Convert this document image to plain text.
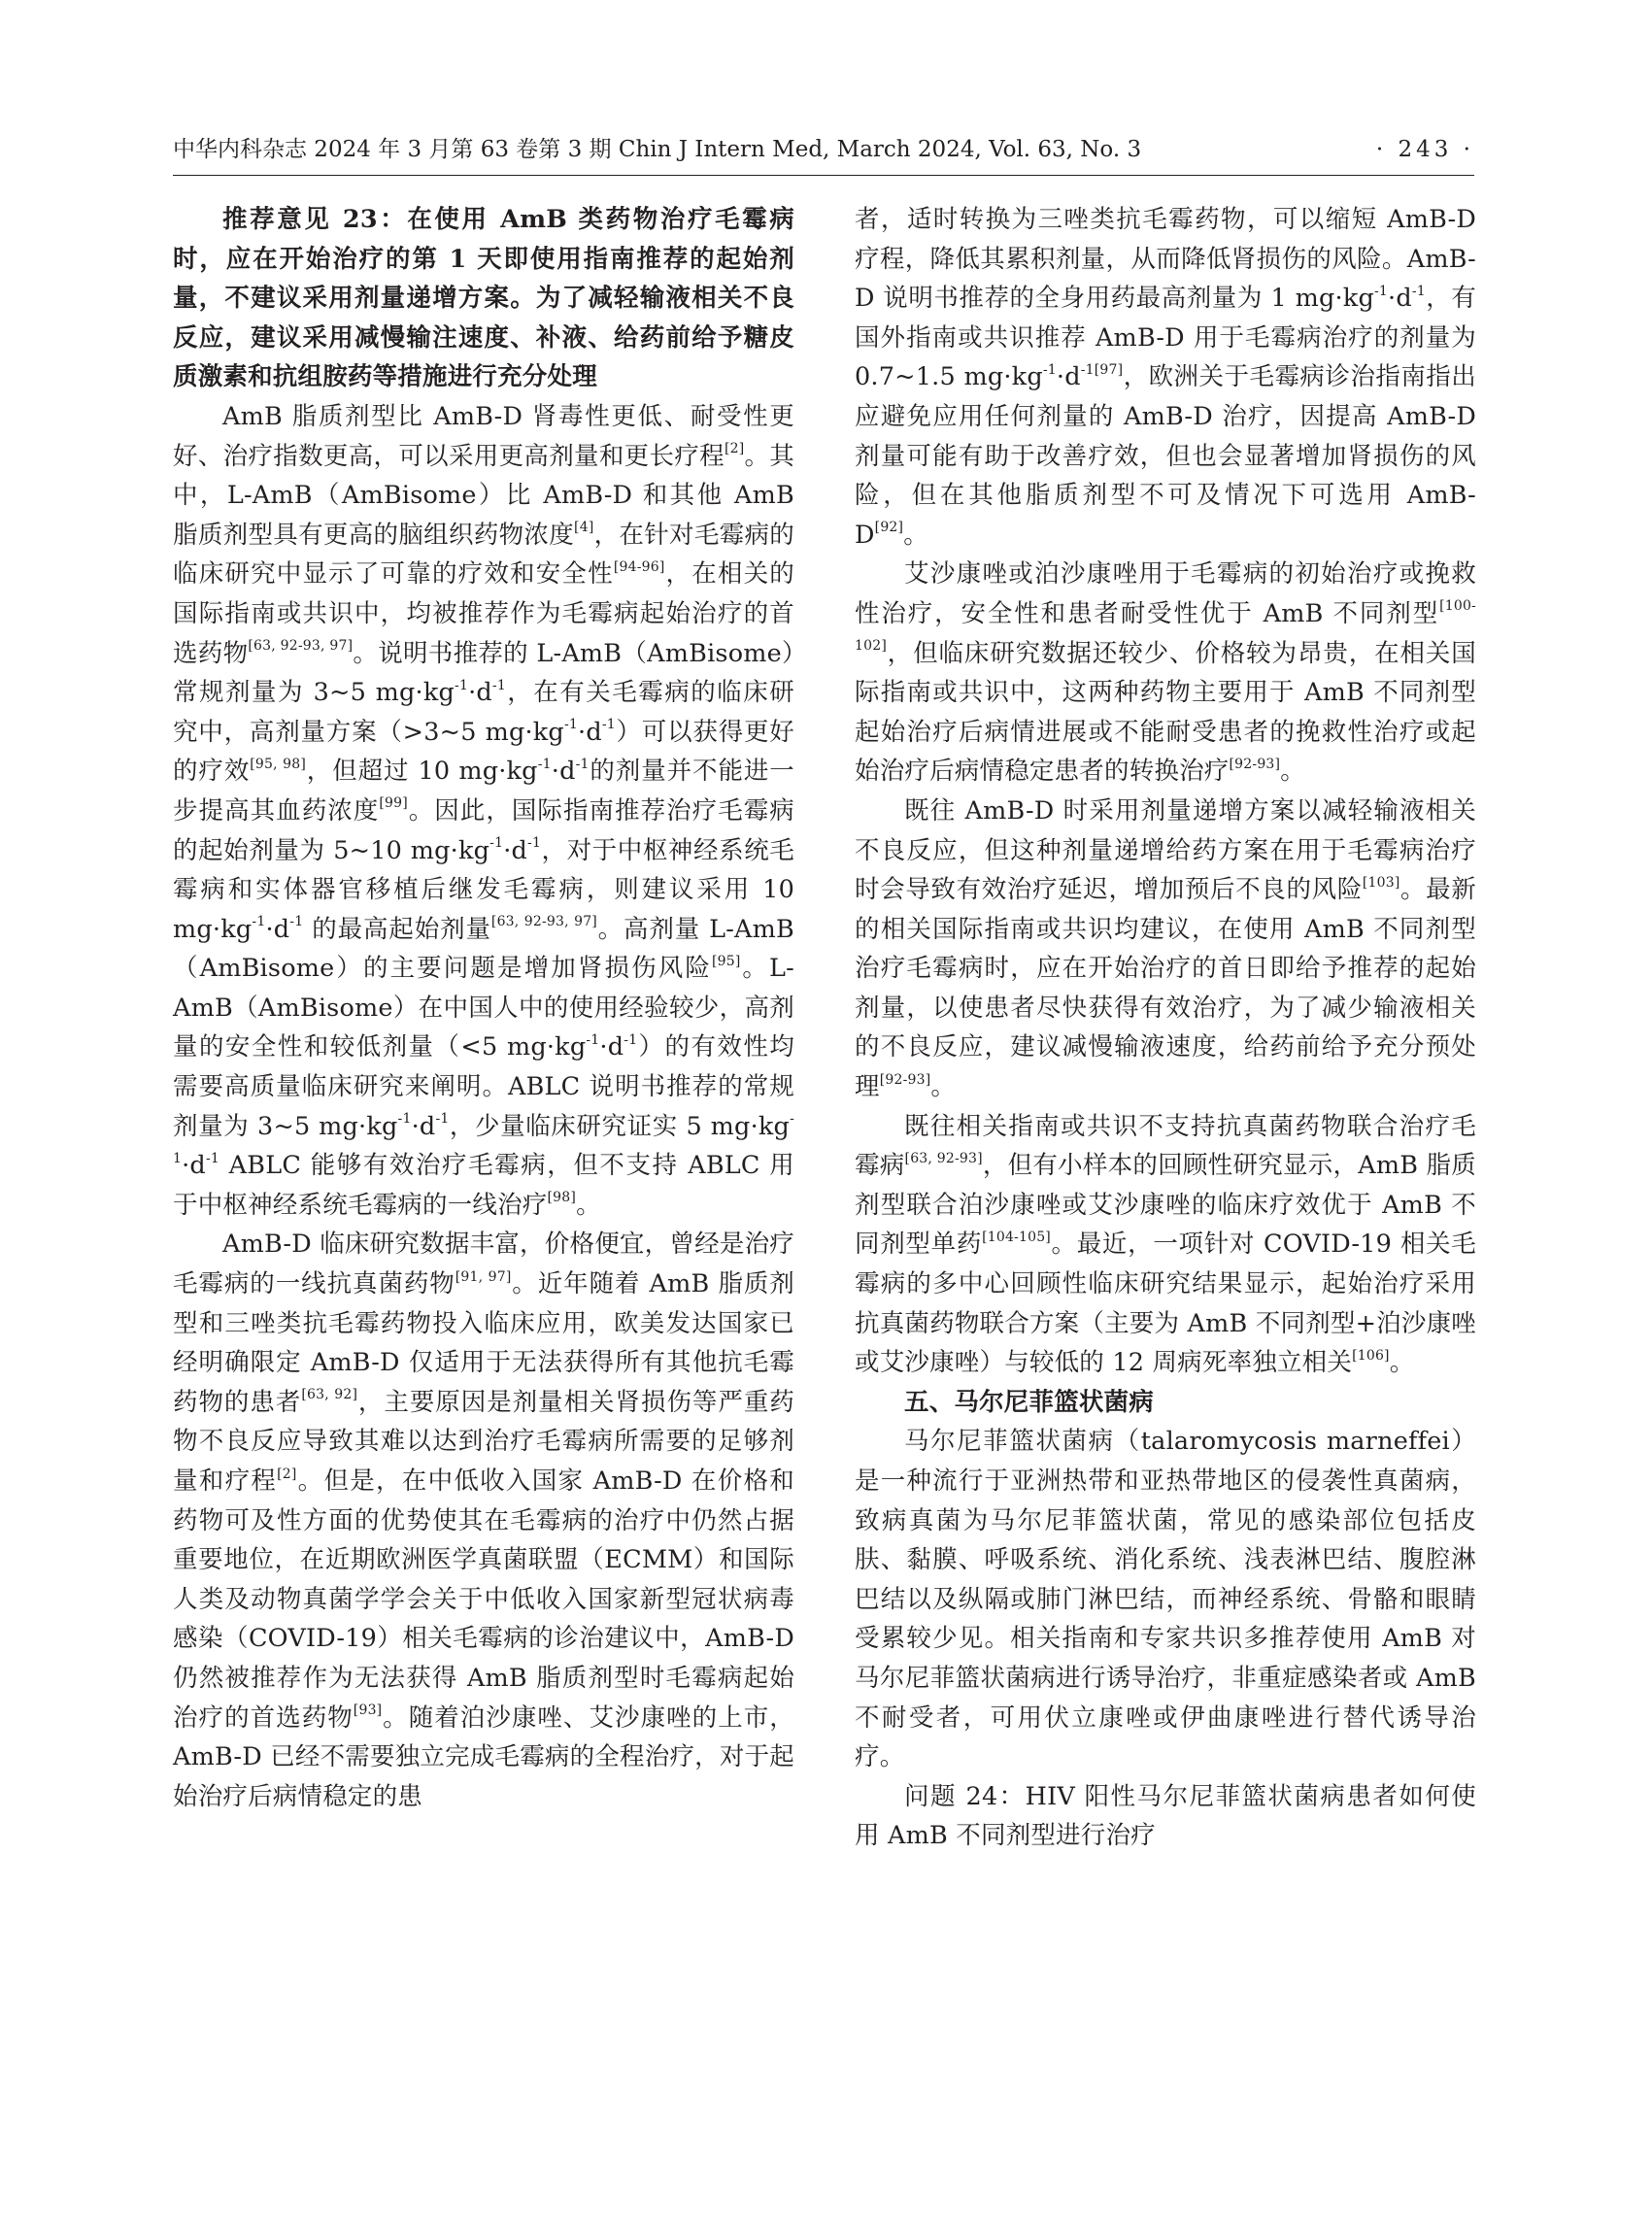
中华内科杂志 2024 年 3 月第 63 卷第 3 期 Chin J Intern Med, March 2024, Vol. 63, No. 3	· 243 ·

推荐意见 23：在使用 AmB 类药物治疗毛霉病时，应在开始治疗的第 1 天即使用指南推荐的起始剂量，不建议采用剂量递增方案。为了减轻输液相关不良反应，建议采用减慢输注速度、补液、给药前给予糖皮质激素和抗组胺药等措施进行充分处理

AmB 脂质剂型比 AmB-D 肾毒性更低、耐受性更好、治疗指数更高，可以采用更高剂量和更长疗程[2]。其中，L-AmB（AmBisome）比 AmB-D 和其他 AmB 脂质剂型具有更高的脑组织药物浓度[4]，在针对毛霉病的临床研究中显示了可靠的疗效和安全性[94-96]，在相关的国际指南或共识中，均被推荐作为毛霉病起始治疗的首选药物[63, 92-93, 97]。说明书推荐的 L-AmB（AmBisome）常规剂量为 3~5 $mg\cdot kg^{-1}\cdot d^{-1}$，在有关毛霉病的临床研究中，高剂量方案（>3~5 $mg\cdot kg^{-1}\cdot d^{-1}$）可以获得更好的疗效[95, 98]，但超过 10 $mg\cdot kg^{-1}\cdot d^{-1}$的剂量并不能进一步提高其血药浓度[99]。因此，国际指南推荐治疗毛霉病的起始剂量为 5~10 $mg\cdot kg^{-1}\cdot d^{-1}$，对于中枢神经系统毛霉病和实体器官移植后继发毛霉病，则建议采用 10 $mg\cdot kg^{-1}\cdot d^{-1}$ 的最高起始剂量[63, 92-93, 97]。高剂量 L-AmB（AmBisome）的主要问题是增加肾损伤风险[95]。L-AmB（AmBisome）在中国人中的使用经验较少，高剂量的安全性和较低剂量（<5 $mg\cdot kg^{-1}\cdot d^{-1}$）的有效性均需要高质量临床研究来阐明。ABLC 说明书推荐的常规剂量为 3~5 $mg\cdot kg^{-1}\cdot d^{-1}$，少量临床研究证实 5 $mg\cdot kg^{-1}\cdot d^{-1}$ ABLC 能够有效治疗毛霉病，但不支持 ABLC 用于中枢神经系统毛霉病的一线治疗[98]。

AmB-D 临床研究数据丰富，价格便宜，曾经是治疗毛霉病的一线抗真菌药物[91, 97]。近年随着 AmB 脂质剂型和三唑类抗毛霉药物投入临床应用，欧美发达国家已经明确限定 AmB-D 仅适用于无法获得所有其他抗毛霉药物的患者[63, 92]，主要原因是剂量相关肾损伤等严重药物不良反应导致其难以达到治疗毛霉病所需要的足够剂量和疗程[2]。但是，在中低收入国家 AmB-D 在价格和药物可及性方面的优势使其在毛霉病的治疗中仍然占据重要地位，在近期欧洲医学真菌联盟（ECMM）和国际人类及动物真菌学学会关于中低收入国家新型冠状病毒感染（COVID-19）相关毛霉病的诊治建议中，AmB-D 仍然被推荐作为无法获得 AmB 脂质剂型时毛霉病起始治疗的首选药物[93]。随着泊沙康唑、艾沙康唑的上市，AmB-D 已经不需要独立完成毛霉病的全程治疗，对于起始治疗后病情稳定的患

者，适时转换为三唑类抗毛霉药物，可以缩短 AmB-D 疗程，降低其累积剂量，从而降低肾损伤的风险。AmB-D 说明书推荐的全身用药最高剂量为 1 $mg\cdot kg^{-1}\cdot d^{-1}$，有国外指南或共识推荐 AmB-D 用于毛霉病治疗的剂量为 0.7~1.5 $mg\cdot kg^{-1}\cdot d^{-1[97]}$，欧洲关于毛霉病诊治指南指出应避免应用任何剂量的 AmB-D 治疗，因提高 AmB-D 剂量可能有助于改善疗效，但也会显著增加肾损伤的风险，但在其他脂质剂型不可及情况下可选用 AmB-D[92]。

艾沙康唑或泊沙康唑用于毛霉病的初始治疗或挽救性治疗，安全性和患者耐受性优于 AmB 不同剂型[100-102]，但临床研究数据还较少、价格较为昂贵，在相关国际指南或共识中，这两种药物主要用于 AmB 不同剂型起始治疗后病情进展或不能耐受患者的挽救性治疗或起始治疗后病情稳定患者的转换治疗[92-93]。

既往 AmB-D 时采用剂量递增方案以减轻输液相关不良反应，但这种剂量递增给药方案在用于毛霉病治疗时会导致有效治疗延迟，增加预后不良的风险[103]。最新的相关国际指南或共识均建议，在使用 AmB 不同剂型治疗毛霉病时，应在开始治疗的首日即给予推荐的起始剂量，以使患者尽快获得有效治疗，为了减少输液相关的不良反应，建议减慢输液速度，给药前给予充分预处理[92-93]。

既往相关指南或共识不支持抗真菌药物联合治疗毛霉病[63, 92-93]，但有小样本的回顾性研究显示，AmB 脂质剂型联合泊沙康唑或艾沙康唑的临床疗效优于 AmB 不同剂型单药[104-105]。最近，一项针对 COVID-19 相关毛霉病的多中心回顾性临床研究结果显示，起始治疗采用抗真菌药物联合方案（主要为 AmB 不同剂型+泊沙康唑或艾沙康唑）与较低的 12 周病死率独立相关[106]。

五、马尔尼菲篮状菌病

马尔尼菲篮状菌病（talaromycosis marneffei）是一种流行于亚洲热带和亚热带地区的侵袭性真菌病，致病真菌为马尔尼菲篮状菌，常见的感染部位包括皮肤、黏膜、呼吸系统、消化系统、浅表淋巴结、腹腔淋巴结以及纵隔或肺门淋巴结，而神经系统、骨骼和眼睛受累较少见。相关指南和专家共识多推荐使用 AmB 对马尔尼菲篮状菌病进行诱导治疗，非重症感染者或 AmB 不耐受者，可用伏立康唑或伊曲康唑进行替代诱导治疗。

问题 24：HIV 阳性马尔尼菲篮状菌病患者如何使用 AmB 不同剂型进行治疗
